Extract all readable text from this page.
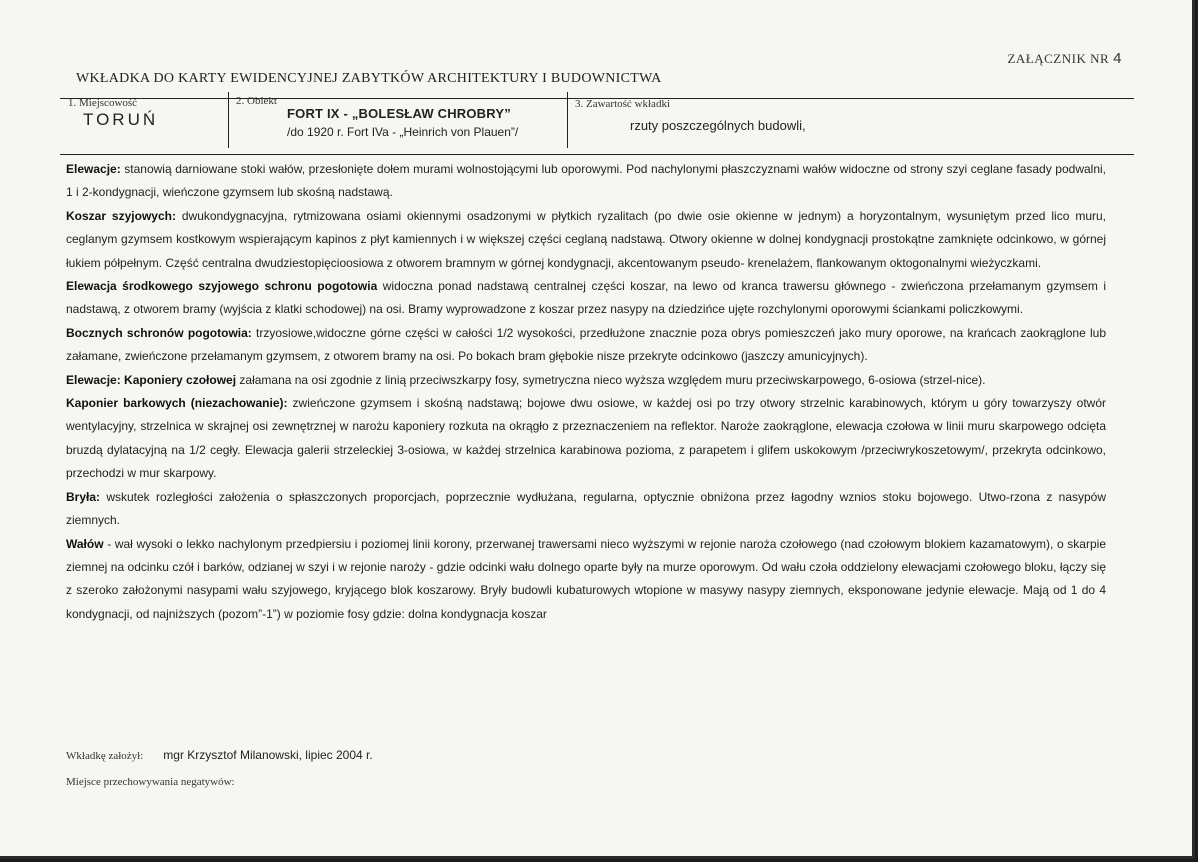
ZAŁĄCZNIK NR 4
WKŁADKA DO KARTY EWIDENCYJNEJ ZABYTKÓW ARCHITEKTURY I BUDOWNICTWA
1. Miejscowość
TORUŃ
2. Obiekt
FORT IX - „BOLESŁAW CHROBRY”
/do 1920 r. Fort IVa - „Heinrich von Plauen”/
3. Zawartość wkładki
rzuty poszczególnych budowli,

Elewacje: stanowią darniowane stoki wałów, przesłonięte dołem murami wolnostojącymi lub oporowymi. Pod nachylonymi płaszczyznami wałów widoczne od strony szyi ceglane fasady podwalni, 1 i 2-kondygnacji, wieńczone gzymsem lub skośną nadstawą.

Koszar szyjowych: dwukondygnacyjna, rytmizowana osiami okiennymi osadzonymi w płytkich ryzalitach (po dwie osie okienne w jednym) a horyzontalnym, wysuniętym przed lico muru, ceglanym gzymsem kostkowym wspierającym kapinos z płyt kamiennych i w większej części ceglaną nadstawą. Otwory okienne w dolnej kondygnacji prostokątne zamknięte odcinkowo, w górnej łukiem półpełnym. Część centralna dwudziestopięcioosiowa z otworem bramnym w górnej kondygnacji, akcentowanym pseudo- krenelażem, flankowanym oktogonalnymi wieżyczkami.

Elewacja środkowego szyjowego schronu pogotowia widoczna ponad nadstawą centralnej części koszar, na lewo od kranca trawersu głównego - zwieńczona przełamanym gzymsem i nadstawą, z otworem bramy (wyjścia z klatki schodowej) na osi. Bramy wyprowadzone z koszar przez nasypy na dziedzińce ujęte rozchylonymi oporowymi ściankami policzkowymi.

Bocznych schronów pogotowia: trzyosiowe,widoczne górne części w całości 1/2 wysokości, przedłużone znacznie poza obrys pomieszczeń jako mury oporowe, na krańcach zaokrąglone lub załamane, zwieńczone przełamanym gzymsem, z otworem bramy na osi. Po bokach bram głębokie nisze przekryte odcinkowo (jaszczy amunicyjnych).

Elewacje: Kaponiery czołowej załamana na osi zgodnie z linią przeciwszkarpy fosy, symetryczna nieco wyższa względem muru przeciwskarpowego, 6-osiowa (strzel-nice).

Kaponier barkowych (niezachowanie): zwieńczone gzymsem i skośną nadstawą; bojowe dwu osiowe, w każdej osi po trzy otwory strzelnic karabinowych, którym u góry towarzyszy otwór wentylacyjny, strzelnica w skrajnej osi zewnętrznej w narożu kaponiery rozkuta na okrągło z przeznaczeniem na reflektor. Naroże zaokrąglone, elewacja czołowa w linii muru skarpowego odcięta bruzdą dylatacyjną na 1/2 cegły. Elewacja galerii strzeleckiej 3-osiowa, w każdej strzelnica karabinowa pozioma, z parapetem i glifem uskokowym /przeciwrykoszetowym/, przekryta odcinkowo, przechodzi w mur skarpowy.

Bryła: wskutek rozległości założenia o spłaszczonych proporcjach, poprzecznie wydłużana, regularna, optycznie obniżona przez łagodny wznios stoku bojowego. Utwo-rzona z nasypów ziemnych.

Wałów - wał wysoki o lekko nachylonym przedpiersiu i poziomej linii korony, przerwanej trawersami nieco wyższymi w rejonie naroża czołowego (nad czołowym blokiem kazamatowym), o skarpie ziemnej na odcinku czół i barków, odzianej w szyi i w rejonie naroży - gdzie odcinki wału dolnego oparte były na murze oporowym. Od wału czoła oddzielony elewacjami czołowego bloku, łączy się z szeroko założonymi nasypami wału szyjowego, kryjącego blok koszarowy. Bryły budowli kubaturowych wtopione w masywy nasypy ziemnych, eksponowane jedynie elewacje. Mają od 1 do 4 kondygnacji, od najniższych (pozom”-1”) w poziomie fosy gdzie: dolna kondygnacja koszar

Wkładkę założył: mgr Krzysztof Milanowski, lipiec 2004 r.
Miejsce przechowywania negatywów:
